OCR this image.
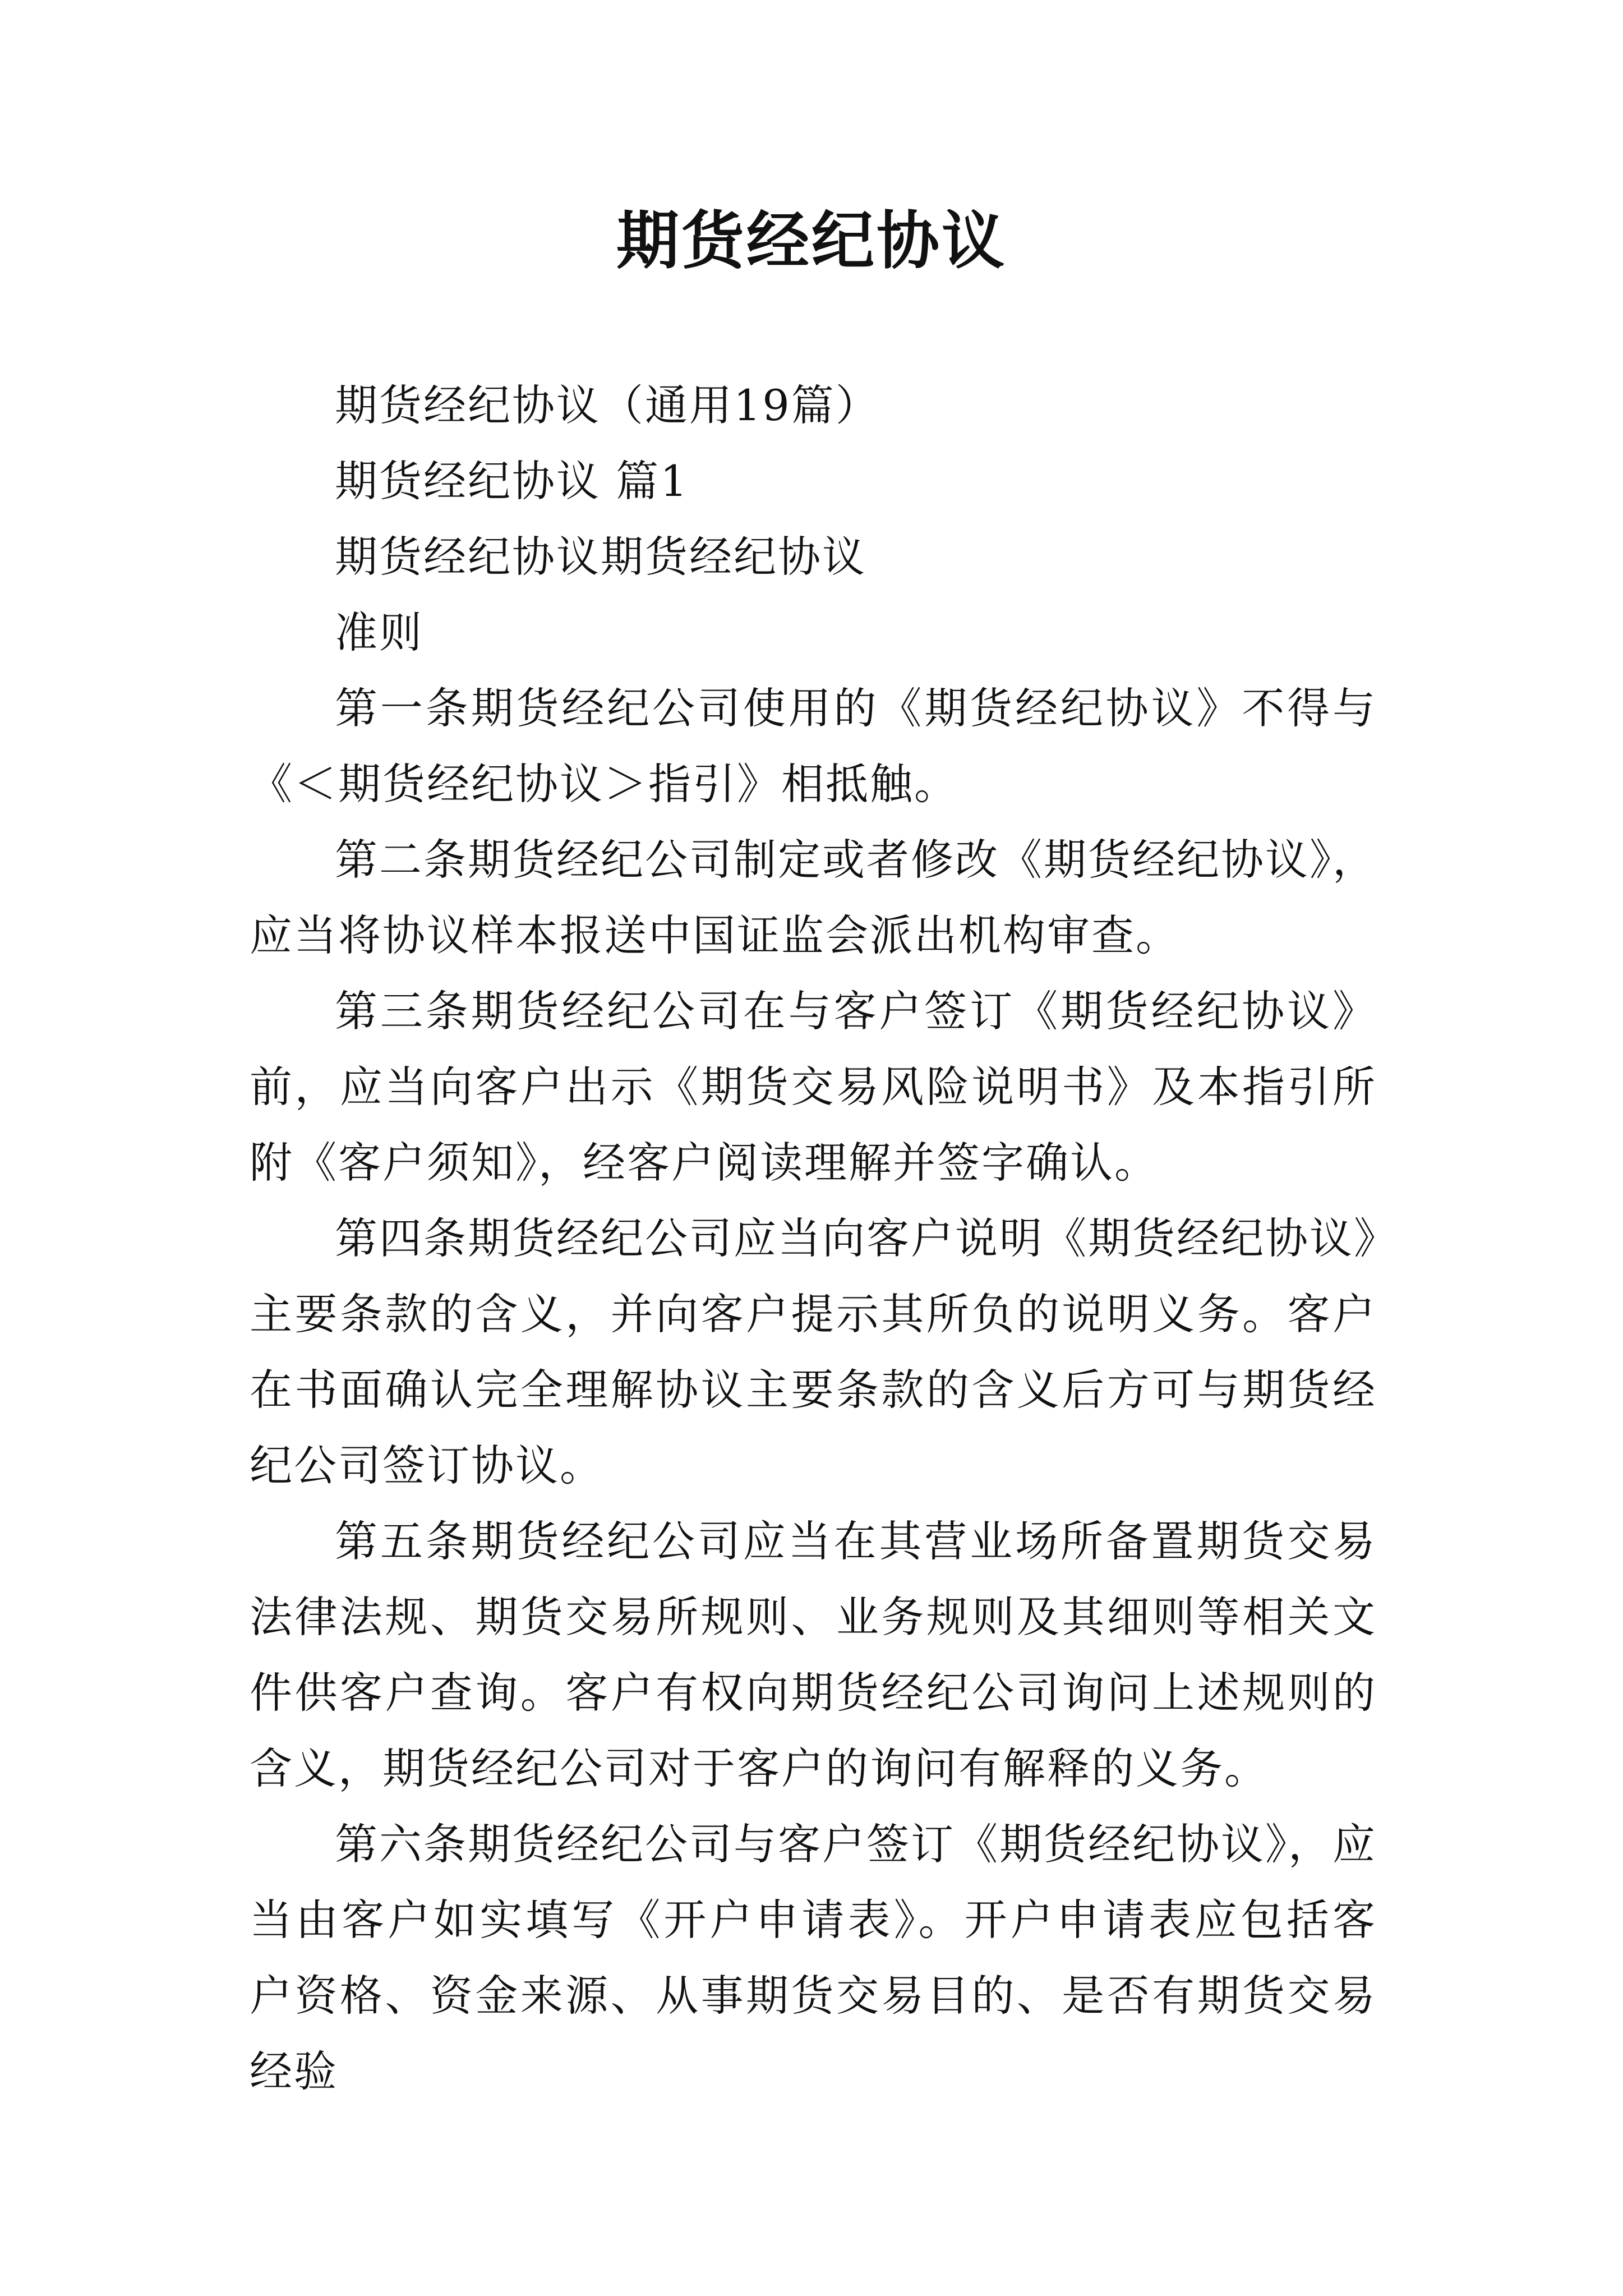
期货经纪协议

期货经纪协议（通用19篇）

期货经纪协议 篇1

期货经纪协议期货经纪协议

准则

第一条期货经纪公司使用的《期货经纪协议》不得与《＜期货经纪协议＞指引》相抵触。

第二条期货经纪公司制定或者修改《期货经纪协议》，应当将协议样本报送中国证监会派出机构审查。

第三条期货经纪公司在与客户签订《期货经纪协议》前，应当向客户出示《期货交易风险说明书》及本指引所附《客户须知》，经客户阅读理解并签字确认。

第四条期货经纪公司应当向客户说明《期货经纪协议》主要条款的含义，并向客户提示其所负的说明义务。客户在书面确认完全理解协议主要条款的含义后方可与期货经纪公司签订协议。

第五条期货经纪公司应当在其营业场所备置期货交易法律法规、期货交易所规则、业务规则及其细则等相关文件供客户查询。客户有权向期货经纪公司询问上述规则的含义，期货经纪公司对于客户的询问有解释的义务。

第六条期货经纪公司与客户签订《期货经纪协议》，应当由客户如实填写《开户申请表》。开户申请表应包括客户资格、资金来源、从事期货交易目的、是否有期货交易经验
